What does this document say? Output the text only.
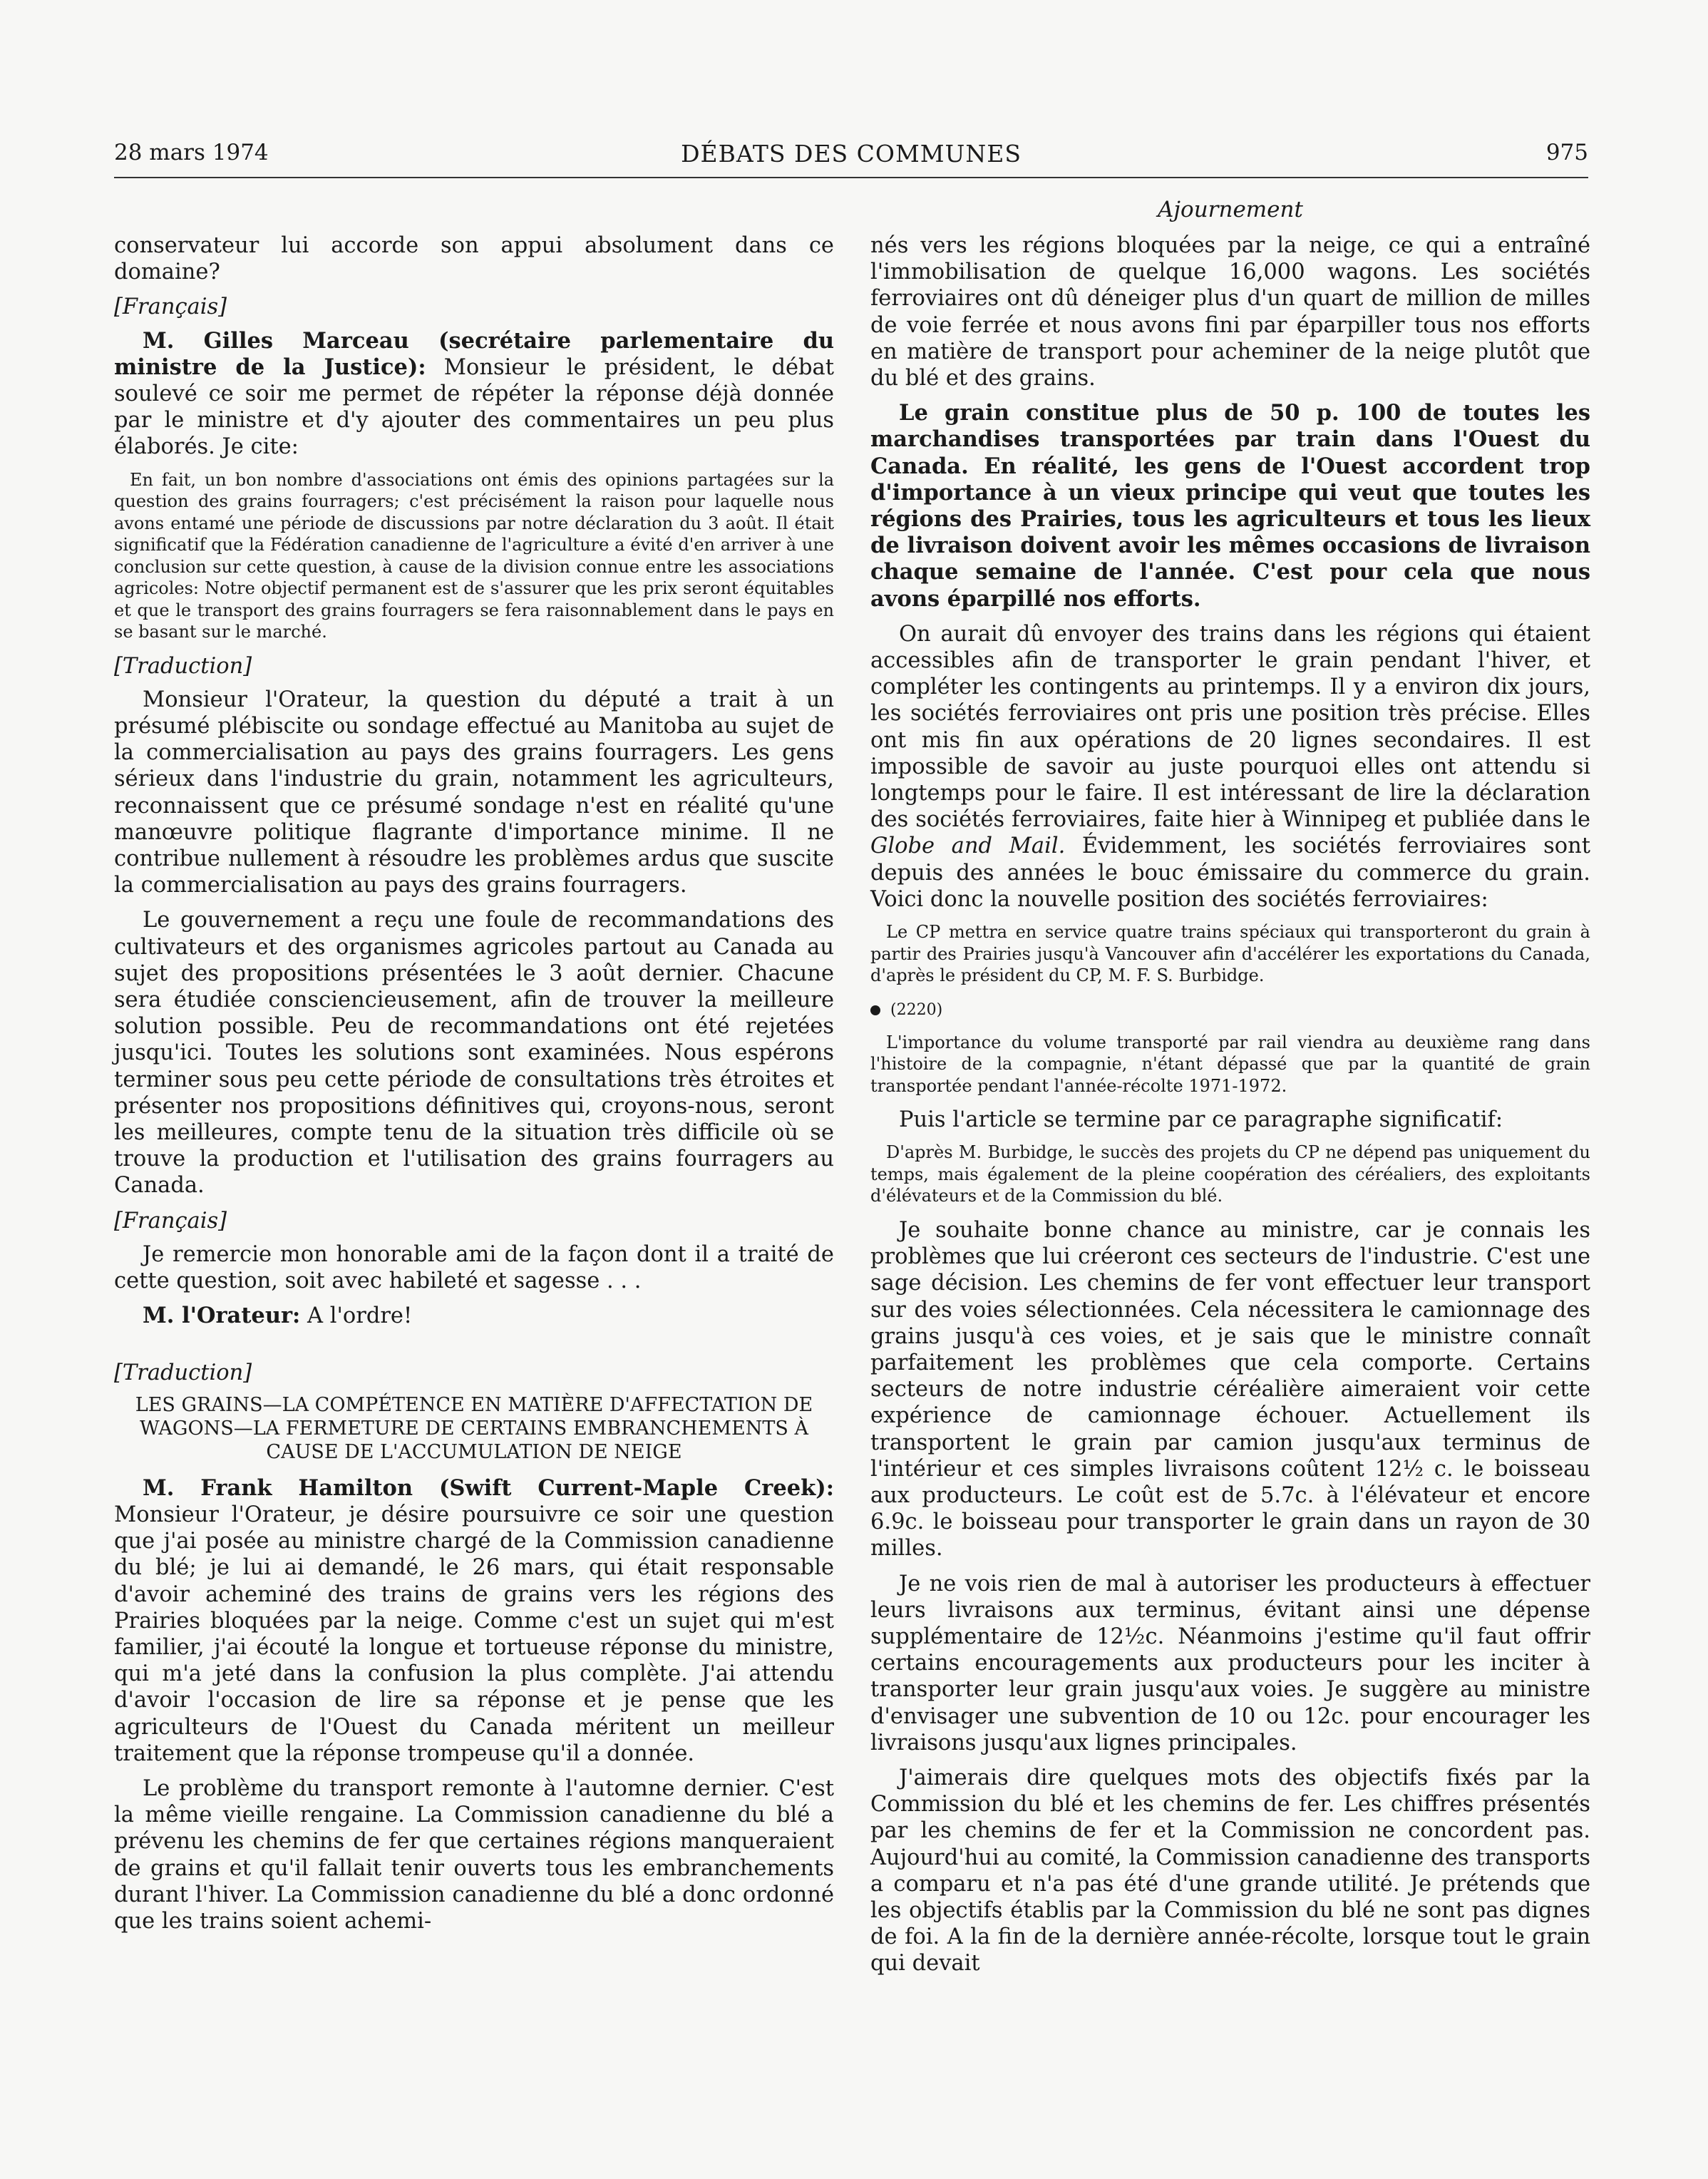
28 mars 1974	DÉBATS DES COMMUNES	975
Ajournement

conservateur lui accorde son appui absolument dans ce domaine?

[Français]

M. Gilles Marceau (secrétaire parlementaire du ministre de la Justice): Monsieur le président, le débat soulevé ce soir me permet de répéter la réponse déjà donnée par le ministre et d'y ajouter des commentaires un peu plus élaborés. Je cite:

En fait, un bon nombre d'associations ont émis des opinions partagées sur la question des grains fourragers; c'est précisément la raison pour laquelle nous avons entamé une période de discussions par notre déclaration du 3 août. Il était significatif que la Fédération canadienne de l'agriculture a évité d'en arriver à une conclusion sur cette question, à cause de la division connue entre les associations agricoles: Notre objectif permanent est de s'assurer que les prix seront équitables et que le transport des grains fourragers se fera raisonnablement dans le pays en se basant sur le marché.

[Traduction]

Monsieur l'Orateur, la question du député a trait à un présumé plébiscite ou sondage effectué au Manitoba au sujet de la commercialisation au pays des grains fourragers. Les gens sérieux dans l'industrie du grain, notamment les agriculteurs, reconnaissent que ce présumé sondage n'est en réalité qu'une manœuvre politique flagrante d'importance minime. Il ne contribue nullement à résoudre les problèmes ardus que suscite la commercialisation au pays des grains fourragers.

Le gouvernement a reçu une foule de recommandations des cultivateurs et des organismes agricoles partout au Canada au sujet des propositions présentées le 3 août dernier. Chacune sera étudiée consciencieusement, afin de trouver la meilleure solution possible. Peu de recommandations ont été rejetées jusqu'ici. Toutes les solutions sont examinées. Nous espérons terminer sous peu cette période de consultations très étroites et présenter nos propositions définitives qui, croyons-nous, seront les meilleures, compte tenu de la situation très difficile où se trouve la production et l'utilisation des grains fourragers au Canada.

[Français]

Je remercie mon honorable ami de la façon dont il a traité de cette question, soit avec habileté et sagesse . . .

M. l'Orateur: A l'ordre!

[Traduction]

LES GRAINS—LA COMPÉTENCE EN MATIÈRE D'AFFECTATION DE WAGONS—LA FERMETURE DE CERTAINS EMBRANCHEMENTS À CAUSE DE L'ACCUMULATION DE NEIGE

M. Frank Hamilton (Swift Current-Maple Creek): Monsieur l'Orateur, je désire poursuivre ce soir une question que j'ai posée au ministre chargé de la Commission canadienne du blé; je lui ai demandé, le 26 mars, qui était responsable d'avoir acheminé des trains de grains vers les régions des Prairies bloquées par la neige. Comme c'est un sujet qui m'est familier, j'ai écouté la longue et tortueuse réponse du ministre, qui m'a jeté dans la confusion la plus complète. J'ai attendu d'avoir l'occasion de lire sa réponse et je pense que les agriculteurs de l'Ouest du Canada méritent un meilleur traitement que la réponse trompeuse qu'il a donnée.

Le problème du transport remonte à l'automne dernier. C'est la même vieille rengaine. La Commission canadienne du blé a prévenu les chemins de fer que certaines régions manqueraient de grains et qu'il fallait tenir ouverts tous les embranchements durant l'hiver. La Commission canadienne du blé a donc ordonné que les trains soient achemi-

nés vers les régions bloquées par la neige, ce qui a entraîné l'immobilisation de quelque 16,000 wagons. Les sociétés ferroviaires ont dû déneiger plus d'un quart de million de milles de voie ferrée et nous avons fini par éparpiller tous nos efforts en matière de transport pour acheminer de la neige plutôt que du blé et des grains.

Le grain constitue plus de 50 p. 100 de toutes les marchandises transportées par train dans l'Ouest du Canada. En réalité, les gens de l'Ouest accordent trop d'importance à un vieux principe qui veut que toutes les régions des Prairies, tous les agriculteurs et tous les lieux de livraison doivent avoir les mêmes occasions de livraison chaque semaine de l'année. C'est pour cela que nous avons éparpillé nos efforts.

On aurait dû envoyer des trains dans les régions qui étaient accessibles afin de transporter le grain pendant l'hiver, et compléter les contingents au printemps. Il y a environ dix jours, les sociétés ferroviaires ont pris une position très précise. Elles ont mis fin aux opérations de 20 lignes secondaires. Il est impossible de savoir au juste pourquoi elles ont attendu si longtemps pour le faire. Il est intéressant de lire la déclaration des sociétés ferroviaires, faite hier à Winnipeg et publiée dans le Globe and Mail. Évidemment, les sociétés ferroviaires sont depuis des années le bouc émissaire du commerce du grain. Voici donc la nouvelle position des sociétés ferroviaires:

Le CP mettra en service quatre trains spéciaux qui transporteront du grain à partir des Prairies jusqu'à Vancouver afin d'accélérer les exportations du Canada, d'après le président du CP, M. F. S. Burbidge.

(2220)

L'importance du volume transporté par rail viendra au deuxième rang dans l'histoire de la compagnie, n'étant dépassé que par la quantité de grain transportée pendant l'année-récolte 1971-1972.

Puis l'article se termine par ce paragraphe significatif:

D'après M. Burbidge, le succès des projets du CP ne dépend pas uniquement du temps, mais également de la pleine coopération des céréaliers, des exploitants d'élévateurs et de la Commission du blé.

Je souhaite bonne chance au ministre, car je connais les problèmes que lui créeront ces secteurs de l'industrie. C'est une sage décision. Les chemins de fer vont effectuer leur transport sur des voies sélectionnées. Cela nécessitera le camionnage des grains jusqu'à ces voies, et je sais que le ministre connaît parfaitement les problèmes que cela comporte. Certains secteurs de notre industrie céréalière aimeraient voir cette expérience de camionnage échouer. Actuellement ils transportent le grain par camion jusqu'aux terminus de l'intérieur et ces simples livraisons coûtent 12½ c. le boisseau aux producteurs. Le coût est de 5.7c. à l'élévateur et encore 6.9c. le boisseau pour transporter le grain dans un rayon de 30 milles.

Je ne vois rien de mal à autoriser les producteurs à effectuer leurs livraisons aux terminus, évitant ainsi une dépense supplémentaire de 12½c. Néanmoins j'estime qu'il faut offrir certains encouragements aux producteurs pour les inciter à transporter leur grain jusqu'aux voies. Je suggère au ministre d'envisager une subvention de 10 ou 12c. pour encourager les livraisons jusqu'aux lignes principales.

J'aimerais dire quelques mots des objectifs fixés par la Commission du blé et les chemins de fer. Les chiffres présentés par les chemins de fer et la Commission ne concordent pas. Aujourd'hui au comité, la Commission canadienne des transports a comparu et n'a pas été d'une grande utilité. Je prétends que les objectifs établis par la Commission du blé ne sont pas dignes de foi. A la fin de la dernière année-récolte, lorsque tout le grain qui devait
